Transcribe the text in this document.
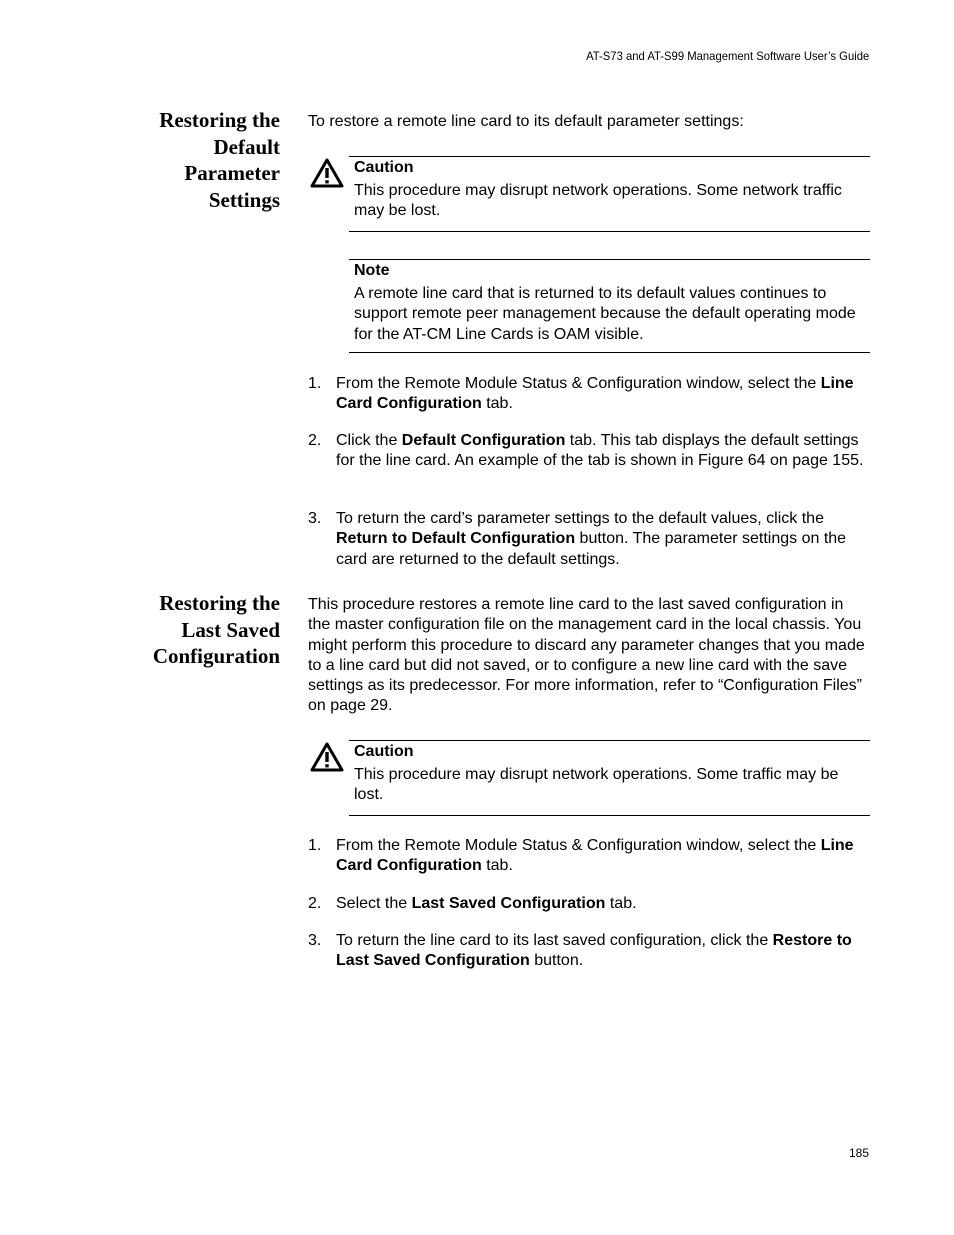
AT-S73 and AT-S99 Management Software User’s Guide
Restoring the
Default
Parameter
Settings
To restore a remote line card to its default parameter settings:
Caution
This procedure may disrupt network operations. Some network traffic may be lost.
Note
A remote line card that is returned to its default values continues to support remote peer management because the default operating mode for the AT-CM Line Cards is OAM visible.
1. From the Remote Module Status & Configuration window, select the Line Card Configuration tab.
2. Click the Default Configuration tab. This tab displays the default settings for the line card. An example of the tab is shown in Figure 64 on page 155.
3. To return the card’s parameter settings to the default values, click the Return to Default Configuration button. The parameter settings on the card are returned to the default settings.
Restoring the
Last Saved
Configuration
This procedure restores a remote line card to the last saved configuration in the master configuration file on the management card in the local chassis. You might perform this procedure to discard any parameter changes that you made to a line card but did not saved, or to configure a new line card with the save settings as its predecessor. For more information, refer to “Configuration Files” on page 29.
Caution
This procedure may disrupt network operations. Some traffic may be lost.
1. From the Remote Module Status & Configuration window, select the Line Card Configuration tab.
2. Select the Last Saved Configuration tab.
3. To return the line card to its last saved configuration, click the Restore to Last Saved Configuration button.
185
